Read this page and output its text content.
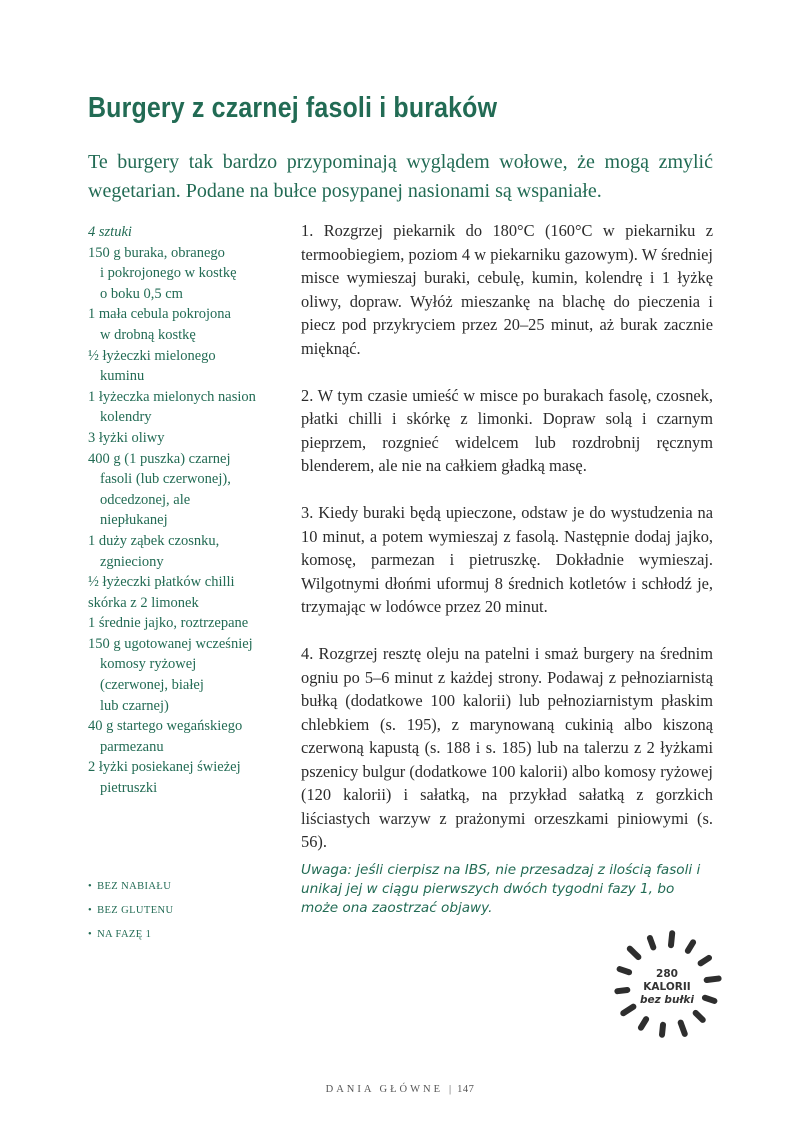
Burgery z czarnej fasoli i buraków
Te burgery tak bardzo przypominają wyglądem wołowe, że mogą zmylić wegetarian. Podane na bułce posypanej nasionami są wspaniałe.
4 sztuki
150 g buraka, obranego
i pokrojonego w kostkę
o boku 0,5 cm
1 mała cebula pokrojona
w drobną kostkę
½ łyżeczki mielonego
kuminu
1 łyżeczka mielonych nasion
kolendry
3 łyżki oliwy
400 g (1 puszka) czarnej
fasoli (lub czerwonej),
odcedzonej, ale
niepłukanej
1 duży ząbek czosnku,
zgnieciony
½ łyżeczki płatków chilli
skórka z 2 limonek
1 średnie jajko, roztrzepane
150 g ugotowanej wcześniej
komosy ryżowej
(czerwonej, białej
lub czarnej)
40 g startego wegańskiego
parmezanu
2 łyżki posiekanej świeżej
pietruszki
• BEZ NABIAŁU
• BEZ GLUTENU
• NA FAZĘ 1

1. Rozgrzej piekarnik do 180°C (160°C w piekarniku z termoobiegiem, poziom 4 w piekarniku gazowym). W średniej misce wymieszaj buraki, cebulę, kumin, kolendrę i 1 łyżkę oliwy, dopraw. Wyłóż mieszankę na blachę do pieczenia i piecz pod przykryciem przez 20–25 minut, aż burak zacznie mięknąć.

2. W tym czasie umieść w misce po burakach fasolę, czosnek, płatki chilli i skórkę z limonki. Dopraw solą i czarnym pieprzem, rozgnieć widelcem lub rozdrobnij ręcznym blenderem, ale nie na całkiem gładką masę.

3. Kiedy buraki będą upieczone, odstaw je do wystudzenia na 10 minut, a potem wymieszaj z fasolą. Następnie dodaj jajko, komosę, parmezan i pietruszkę. Dokładnie wymieszaj. Wilgotnymi dłońmi uformuj 8 średnich kotletów i schłodź je, trzymając w lodówce przez 20 minut.

4. Rozgrzej resztę oleju na patelni i smaż burgery na średnim ogniu po 5–6 minut z każdej strony. Podawaj z pełnoziarnistą bułką (dodatkowe 100 kalorii) lub pełnoziarnistym płaskim chlebkiem (s. 195), z marynowaną cukinią albo kiszoną czerwoną kapustą (s. 188 i s. 185) lub na talerzu z 2 łyżkami pszenicy bulgur (dodatkowe 100 kalorii) albo komosy ryżowej (120 kalorii) i sałatką, na przykład sałatką z gorzkich liściastych warzyw z prażonymi orzeszkami piniowymi (s. 56).

Uwaga: jeśli cierpisz na IBS, nie przesadzaj z ilością fasoli i unikaj jej w ciągu pierwszych dwóch tygodni fazy 1, bo może ona zaostrzać objawy.
280
KALORII
bez bułki
DANIA GŁÓWNE | 147
